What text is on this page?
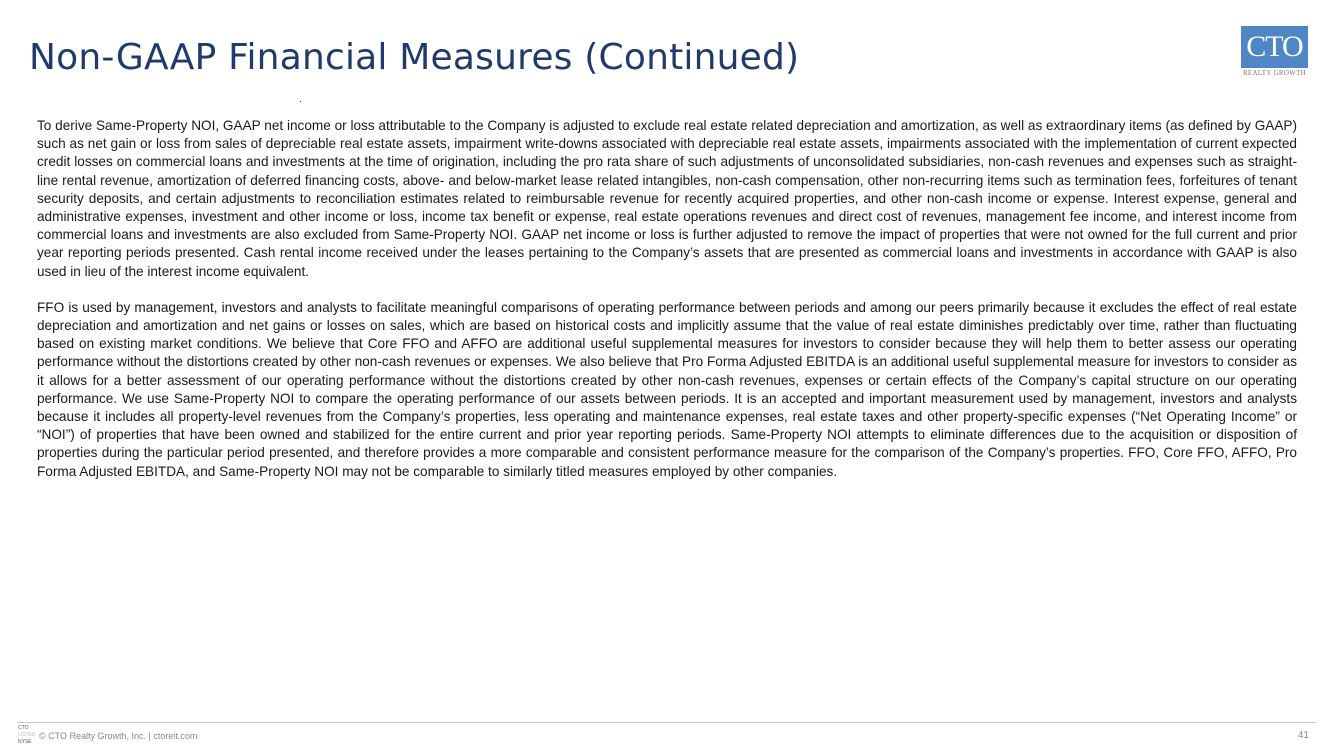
Non-GAAP Financial Measures (Continued)	CTO
REALTY GROWTH

To derive Same-Property NOI, GAAP net income or loss attributable to the Company is adjusted to exclude real estate related depreciation and amortization, as well as extraordinary items (as defined by GAAP) such as net gain or loss from sales of depreciable real estate assets, impairment write-downs associated with depreciable real estate assets, impairments associated with the implementation of current expected credit losses on commercial loans and investments at the time of origination, including the pro rata share of such adjustments of unconsolidated subsidiaries, non-cash revenues and expenses such as straight-line rental revenue, amortization of deferred financing costs, above- and below-market lease related intangibles, non-cash compensation, other non-recurring items such as termination fees, forfeitures of tenant security deposits, and certain adjustments to reconciliation estimates related to reimbursable revenue for recently acquired properties, and other non-cash income or expense. Interest expense, general and administrative expenses, investment and other income or loss, income tax benefit or expense, real estate operations revenues and direct cost of revenues, management fee income, and interest income from commercial loans and investments are also excluded from Same-Property NOI. GAAP net income or loss is further adjusted to remove the impact of properties that were not owned for the full current and prior year reporting periods presented. Cash rental income received under the leases pertaining to the Company’s assets that are presented as commercial loans and investments in accordance with GAAP is also used in lieu of the interest income equivalent.

FFO is used by management, investors and analysts to facilitate meaningful comparisons of operating performance between periods and among our peers primarily because it excludes the effect of real estate depreciation and amortization and net gains or losses on sales, which are based on historical costs and implicitly assume that the value of real estate diminishes predictably over time, rather than fluctuating based on existing market conditions. We believe that Core FFO and AFFO are additional useful supplemental measures for investors to consider because they will help them to better assess our operating performance without the distortions created by other non-cash revenues or expenses. We also believe that Pro Forma Adjusted EBITDA is an additional useful supplemental measure for investors to consider as it allows for a better assessment of our operating performance without the distortions created by other non-cash revenues, expenses or certain effects of the Company’s capital structure on our operating performance. We use Same-Property NOI to compare the operating performance of our assets between periods. It is an accepted and important measurement used by management, investors and analysts because it includes all property-level revenues from the Company’s properties, less operating and maintenance expenses, real estate taxes and other property-specific expenses (“Net Operating Income” or “NOI”) of properties that have been owned and stabilized for the entire current and prior year reporting periods. Same-Property NOI attempts to eliminate differences due to the acquisition or disposition of properties during the particular period presented, and therefore provides a more comparable and consistent performance measure for the comparison of the Company’s properties. FFO, Core FFO, AFFO, Pro Forma Adjusted EBITDA, and Same-Property NOI may not be comparable to similarly titled measures employed by other companies.

CTO
LISTED
NYSE
© CTO Realty Growth, Inc. | ctoreit.com	41
